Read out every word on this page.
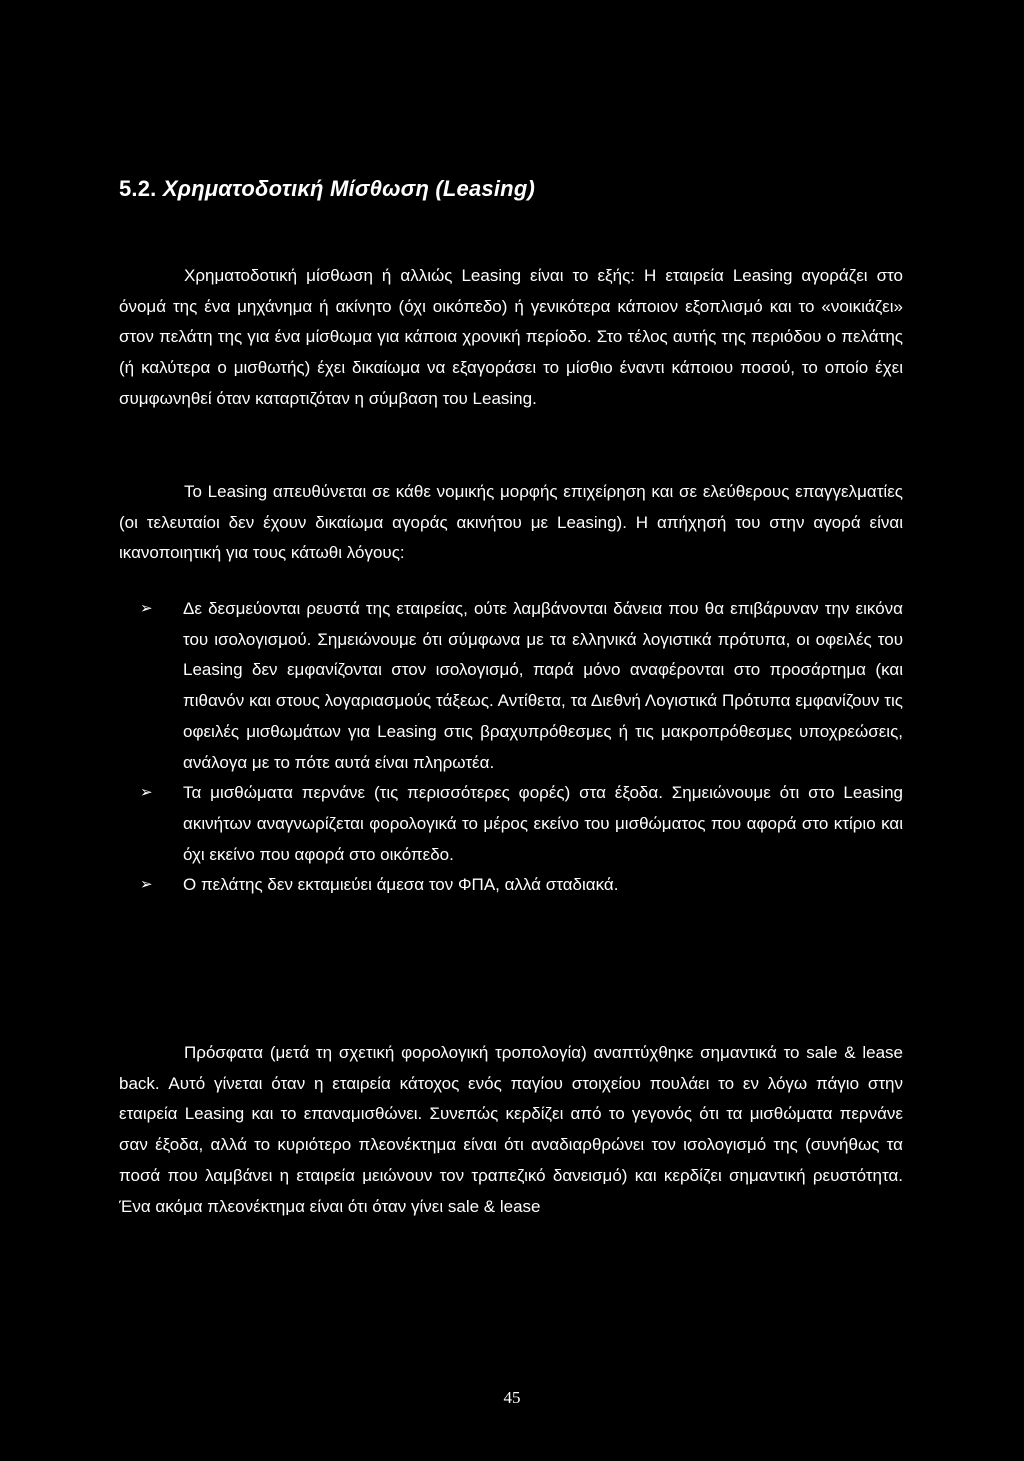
5.2. Χρηματοδοτική Μίσθωση (Leasing)

Χρηματοδοτική μίσθωση ή αλλιώς Leasing είναι το εξής: Η εταιρεία Leasing αγοράζει στο όνομά της ένα μηχάνημα ή ακίνητο (όχι οικόπεδο) ή γενικότερα κάποιον εξοπλισμό και το «νοικιάζει» στον πελάτη της για ένα μίσθωμα για κάποια χρονική περίοδο. Στο τέλος αυτής της περιόδου ο πελάτης (ή καλύτερα ο μισθωτής) έχει δικαίωμα να εξαγοράσει το μίσθιο έναντι κάποιου ποσού, το οποίο έχει συμφωνηθεί όταν καταρτιζόταν η σύμβαση του Leasing.

Το Leasing απευθύνεται σε κάθε νομικής μορφής επιχείρηση και σε ελεύθερους επαγγελματίες (οι τελευταίοι δεν έχουν δικαίωμα αγοράς ακινήτου με Leasing). Η απήχησή του στην αγορά είναι ικανοποιητική για τους κάτωθι λόγους:

➢ Δε δεσμεύονται ρευστά της εταιρείας, ούτε λαμβάνονται δάνεια που θα επιβάρυναν την εικόνα του ισολογισμού. Σημειώνουμε ότι σύμφωνα με τα ελληνικά λογιστικά πρότυπα, οι οφειλές του Leasing δεν εμφανίζονται στον ισολογισμό, παρά μόνο αναφέρονται στο προσάρτημα (και πιθανόν και στους λογαριασμούς τάξεως. Αντίθετα, τα Διεθνή Λογιστικά Πρότυπα εμφανίζουν τις οφειλές μισθωμάτων για Leasing στις βραχυπρόθεσμες ή τις μακροπρόθεσμες υποχρεώσεις, ανάλογα με το πότε αυτά είναι πληρωτέα.
➢ Τα μισθώματα περνάνε (τις περισσότερες φορές) στα έξοδα. Σημειώνουμε ότι στο Leasing ακινήτων αναγνωρίζεται φορολογικά το μέρος εκείνο του μισθώματος που αφορά στο κτίριο και όχι εκείνο που αφορά στο οικόπεδο.
➢ Ο πελάτης δεν εκταμιεύει άμεσα τον ΦΠΑ, αλλά σταδιακά.

Πρόσφατα (μετά τη σχετική φορολογική τροπολογία) αναπτύχθηκε σημαντικά το sale & lease back. Αυτό γίνεται όταν η εταιρεία κάτοχος ενός παγίου στοιχείου πουλάει το εν λόγω πάγιο στην εταιρεία Leasing και το επαναμισθώνει. Συνεπώς κερδίζει από το γεγονός ότι τα μισθώματα περνάνε σαν έξοδα, αλλά το κυριότερο πλεονέκτημα είναι ότι αναδιαρθρώνει τον ισολογισμό της (συνήθως τα ποσά που λαμβάνει η εταιρεία μειώνουν τον τραπεζικό δανεισμό) και κερδίζει σημαντική ρευστότητα. Ένα ακόμα πλεονέκτημα είναι ότι όταν γίνει sale & lease

45
